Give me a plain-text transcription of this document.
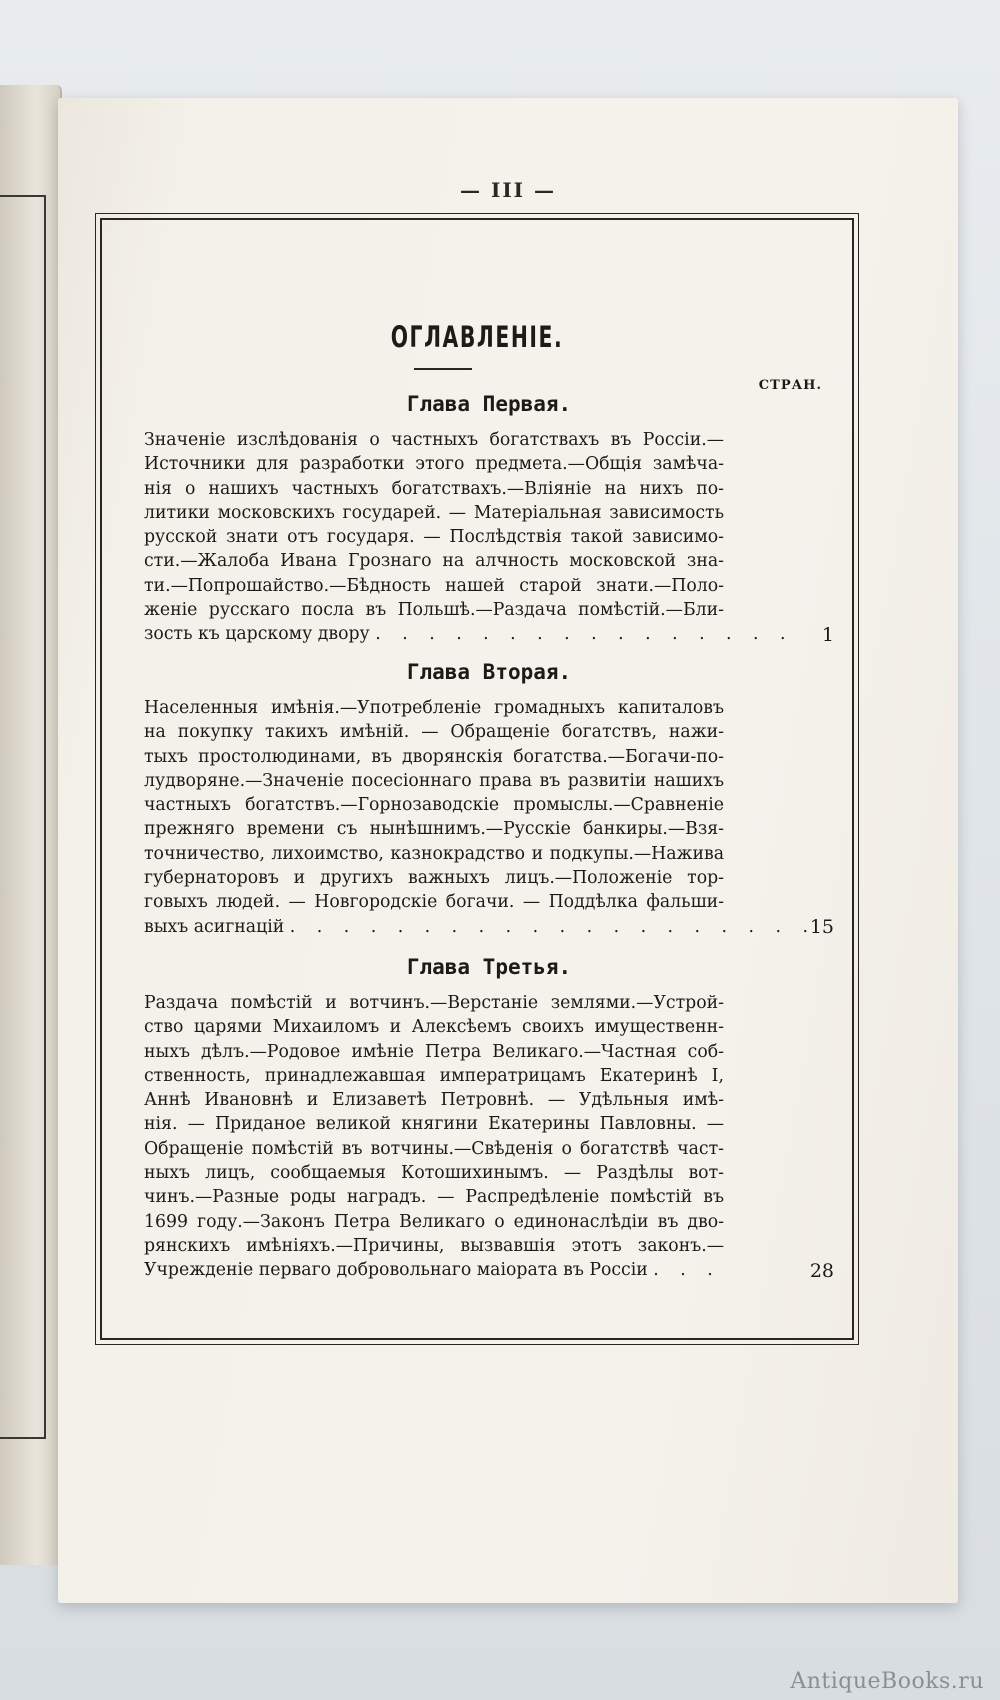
— III —
ОГЛАВЛЕНІЕ.
СТРАН.
Глава Первая.
Значеніе изслѣдованія о частныхъ богатствахъ въ Россіи.—
Источники для разработки этого предмета.—Общія замѣча-
нія о нашихъ частныхъ богатствахъ.—Вліяніе на нихъ по-
литики московскихъ государей. — Матеріальная зависимость
русской знати отъ государя. — Послѣдствія такой зависимо-
сти.—Жалоба Ивана Грознаго на алчность московской зна-
ти.—Попрошайство.—Бѣдность нашей старой знати.—Поло-
женіе русскаго посла въ Польшѣ.—Раздача помѣстій.—Бли-
зость къ царскому двору . . . . . . . . . . . . . . . . 1
Глава Вторая.
Населенныя имѣнія.—Употребленіе громадныхъ капиталовъ
на покупку такихъ имѣній. — Обращеніе богатствъ, нажи-
тыхъ простолюдинами, въ дворянскія богатства.—Богачи-по-
лудворяне.—Значеніе посесіоннаго права въ развитіи нашихъ
частныхъ богатствъ.—Горнозаводскіе промыслы.—Сравненіе
прежняго времени съ нынѣшнимъ.—Русскіе банкиры.—Взя-
точничество, лихоимство, казнокрадство и подкупы.—Нажива
губернаторовъ и другихъ важныхъ лицъ.—Положеніе тор-
говыхъ людей. — Новгородскіе богачи. — Поддѣлка фальши-
выхъ асигнацій . . . . . . . . . . . . . . . . . . . .
15
Глава Третья.
Раздача помѣстій и вотчинъ.—Верстаніе землями.—Устрой-
ство царями Михаиломъ и Алексѣемъ своихъ имущественн-
ныхъ дѣлъ.—Родовое имѣніе Петра Великаго.—Частная соб-
ственность, принадлежавшая императрицамъ Екатеринѣ I,
Аннѣ Ивановнѣ и Елизаветѣ Петровнѣ. — Удѣльныя имѣ-
нія. — Приданое великой княгини Екатерины Павловны. —
Обращеніе помѣстій въ вотчины.—Свѣденія о богатствѣ част-
ныхъ лицъ, сообщаемыя Котошихинымъ. — Раздѣлы вот-
чинъ.—Разные роды наградъ. — Распредѣленіе помѣстій въ
1699 году.—Законъ Петра Великаго о единонаслѣдіи въ дво-
рянскихъ имѣніяхъ.—Причины, вызвавшія этотъ законъ.—
Учрежденіе перваго добровольнаго маіората въ Россіи . . .	28
AntiqueBooks.ru
